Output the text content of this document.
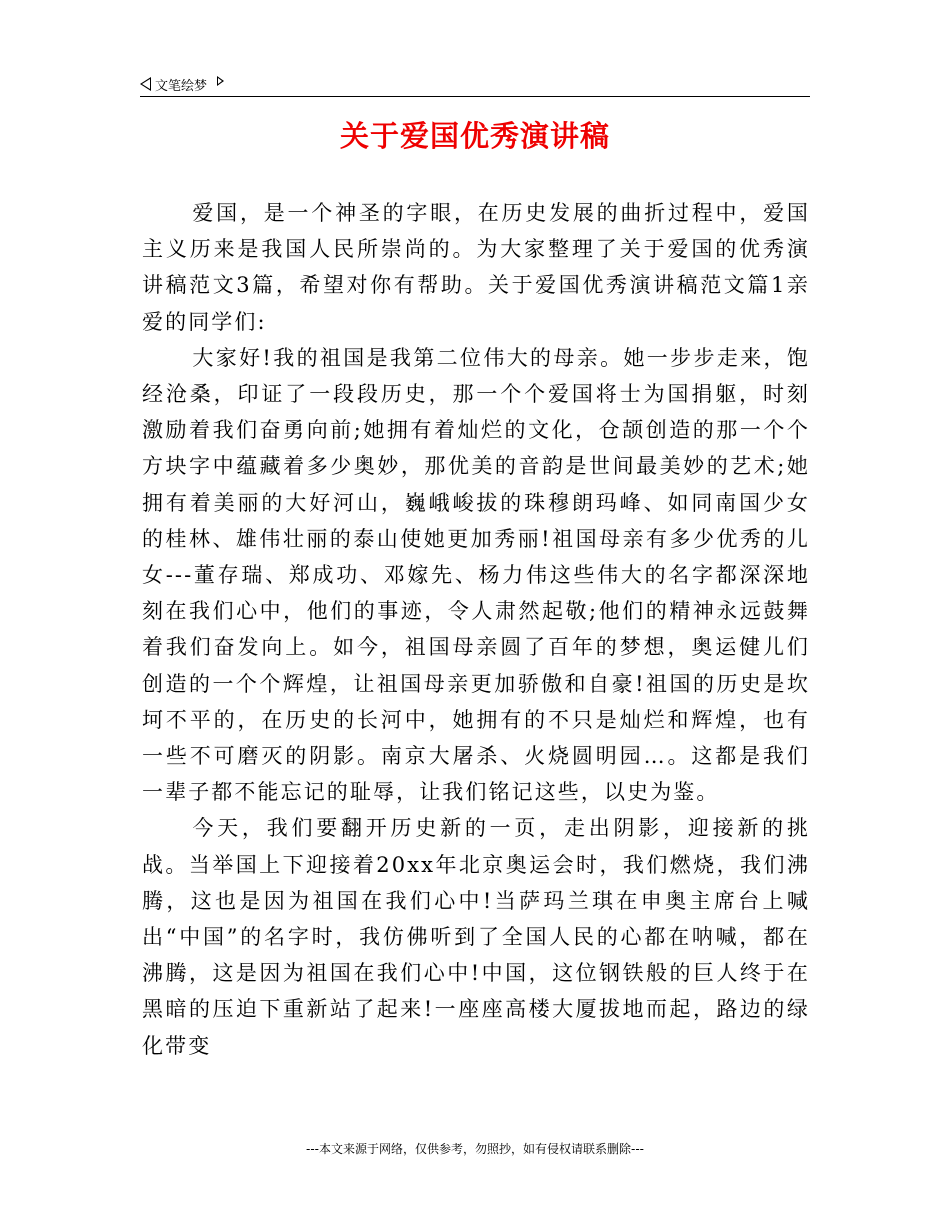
文笔绘梦
关于爱国优秀演讲稿

爱国，是一个神圣的字眼，在历史发展的曲折过程中，爱国主义历来是我国人民所崇尚的。为大家整理了关于爱国的优秀演讲稿范文3篇，希望对你有帮助。关于爱国优秀演讲稿范文篇1亲爱的同学们:

大家好!我的祖国是我第二位伟大的母亲。她一步步走来，饱经沧桑，印证了一段段历史，那一个个爱国将士为国捐躯，时刻激励着我们奋勇向前;她拥有着灿烂的文化，仓颉创造的那一个个方块字中蕴藏着多少奥妙，那优美的音韵是世间最美妙的艺术;她拥有着美丽的大好河山，巍峨峻拔的珠穆朗玛峰、如同南国少女的桂林、雄伟壮丽的泰山使她更加秀丽!祖国母亲有多少优秀的儿女---董存瑞、郑成功、邓嫁先、杨力伟这些伟大的名字都深深地刻在我们心中，他们的事迹，令人肃然起敬;他们的精神永远鼓舞着我们奋发向上。如今，祖国母亲圆了百年的梦想，奥运健儿们创造的一个个辉煌，让祖国母亲更加骄傲和自豪!祖国的历史是坎坷不平的，在历史的长河中，她拥有的不只是灿烂和辉煌，也有一些不可磨灭的阴影。南京大屠杀、火烧圆明园…。这都是我们一辈子都不能忘记的耻辱，让我们铭记这些，以史为鉴。

今天，我们要翻开历史新的一页，走出阴影，迎接新的挑战。当举国上下迎接着20xx年北京奥运会时，我们燃烧，我们沸腾，这也是因为祖国在我们心中!当萨玛兰琪在申奥主席台上喊出“中国”的名字时，我仿佛听到了全国人民的心都在呐喊，都在沸腾，这是因为祖国在我们心中!中国，这位钢铁般的巨人终于在黑暗的压迫下重新站了起来!一座座高楼大厦拔地而起，路边的绿化带变

---本文来源于网络，仅供参考，勿照抄，如有侵权请联系删除---
